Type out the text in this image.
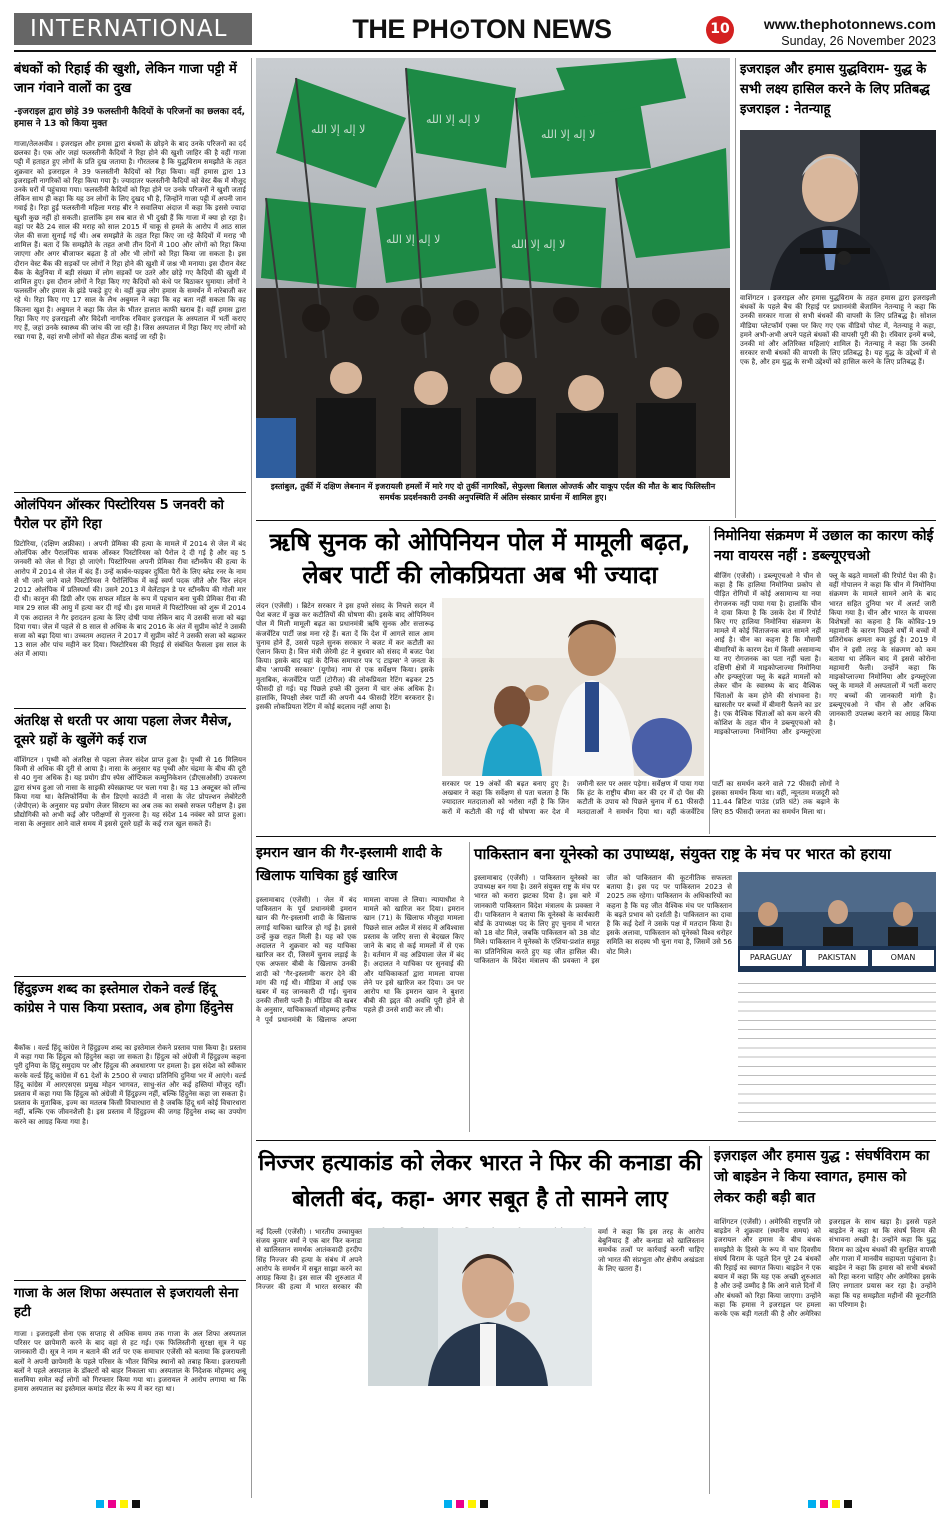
INTERNATIONAL	THE PH⊙TON NEWS	10	www.thephotonnews.com
Sunday, 26 November 2023
बंधकों को रिहाई की खुशी, लेकिन गाजा पट्टी में जान गंवाने वालों का दुख
-इजराइल द्वारा छोड़े 39 फलस्तीनी कैदियों के परिजनों का छलका दर्द, हमास ने 13 को किया मुक्त
गाजा/तेलअवीव । इजराइल और हमास द्वारा बंधकों के छोड़ने के बाद उनके परिजनों का दर्द छलका है। एक ओर जहां फलस्तीनी कैदियों ने रिहा होने की खुशी जाहिर की है वहीं गाजा पट्टी में हताहत हुए लोगों के प्रति दुख जताया है। गौरतलब है कि युद्धविराम समझौते के तहत शुक्रवार को इजराइल ने 39 फलस्तीनी कैदियों को रिहा किया। वहीं हमास द्वारा 13 इजराइली नागरिकों को रिहा किया गया है। ज्यादातर फलस्तीनी कैदियों को वेस्ट बैंक में मौजूद उनके घरों में पहुंचाया गया। फलस्तीनी कैदियों को रिहा होने पर उनके परिजनों ने खुशी जताई लेकिन साथ ही कहा कि यह उन लोगों के लिए दुखद भी है, जिन्होंने गाजा पट्टी में अपनी जान गवाई है। रिहा हुई फलस्तीनी महिला मराह बीर ने सवालिया अंदाज में कहा कि इससे ज्यादा खुशी कुछ नहीं हो सकती। हालांकि हम सब बात से भी दुखी हैं कि गाजा में क्या हो रहा है। वहां पर बैठे 24 साल की मराह को साल 2015 में चाकू से हमले के आरोप में आठ साल जेल की सजा सुनाई गई थी। अब समझौते के तहत रिहा किए जा रहे कैदियों में मराह भी शामिल हैं। बता दें कि समझौते के तहत अभी तीन दिनों में 100 और लोगों को रिहा किया जाएगा और अगर बीजाफर बढ़ता है तो और भी लोगों को रिहा किया जा सकता है। इस दौरान वेस्ट बैंक की सड़कों पर लोगों ने रिहा होने की खुशी में जश्न भी मनाया। इस दौरान वेस्ट बैंक के बेतुनिया में बड़ी संख्या में लोग सड़कों पर उतरे और छोड़े गए कैदियों की खुशी में शामिल हुए। इस दौरान लोगों ने रिहा किए गए कैदियों को कंधे पर बिठाकर घुमाया। लोगों ने फलस्तीन और हमास के झंडे पकड़े हुए थे। वहीं कुछ लोग हमास के समर्थन में नारेबाजी कर रहे थे। रिहा किए गए 17 साल के लैथ अबुमल ने कहा कि वह बता नहीं सकता कि वह कितना खुश है। अबुमल ने कहा कि जेल के भीतर हालात काफी खराब हैं। वहीं हमास द्वारा रिहा किए गए इजराइली और विदेशी नागरिक रविवार इजराइल के अस्पताल में भर्ती कराए गए हैं, जहां उनके स्वास्थ्य की जांच की जा रही है। जिस अस्पताल में रिहा किए गए लोगों को रखा गया है, वहां सभी लोगों को सेहत ठीक बताई जा रही है।
ओलंपियन ऑस्कर पिस्टोरियस 5 जनवरी को पैरोल पर होंगे रिहा
प्रिटोरिया, (दक्षिण अफ्रीका) । अपनी प्रेमिका की हत्या के मामले में 2014 से जेल में बंद ओलंपिक और पैरालंपिक धावक ऑस्कर पिस्टोरियस को पैरोल दे दी गई है और वह 5 जनवरी को जेल से रिहा हो जाएंगे। पिस्टोरियस अपनी प्रेमिका रीवा स्टीनकैंप की हत्या के आरोप में 2014 से जेल में बंद हैं। उन्हें कार्बन-फाइबर दुर्घिता पैरों के लिए ब्लेड रनर के नाम से भी जाने जाने वाले पिस्टोरियस ने पैरोलिंपिक में कई स्वर्ण पदक जीते और फिर लंदन 2012 ओलंपिक में प्रतिस्पर्धा की। उसने 2013 में वेलेंटाइन डे पर स्टीनकैंप की गोली मार दी थी। कानून की डिग्री और एक सफल मॉडल के रूप में पहचान बना चुकी प्रेमिका रीवा की मात्र 29 साल की आयु में हत्या कर दी गई थी। इस मामले में पिस्टोरियस को शुरू में 2014 में एक अदालत ने गैर इरादतन हत्या के लिए दोषी पाया लेकिन बाद में उसकी सजा को बढ़ा दिया गया। जेल में पहले से 8 साल से अधिक के बाद 2016 के अंत में सुप्रीम कोर्ट ने उसकी सजा को बढ़ा दिया था। उच्चतम अदालत ने 2017 में सुप्रीम कोर्ट ने उसकी सजा को बढ़ाकर 13 साल और पांच महीने कर दिया। पिस्टोरियस की रिहाई से संबंधित फैसला इस साल के अंत में आया।
अंतरिक्ष से धरती पर आया पहला लेजर मैसेज, दूसरे ग्रहों के खुलेंगे कई राज
वॉशिंगटन । पृथ्वी को अंतरिक्ष से पहला लेजर संदेश प्राप्त हुआ है। पृथ्वी से 16 मिलियन किमी से अधिक की दूरी से आया है। नासा के अनुसार यह पृथ्वी और चंद्रमा के बीच की दूरी से 40 गुना अधिक है। यह प्रयोग डीप स्पेस ऑप्टिकल कम्युनिकेशन (डीएसओसी) उपकरण द्वारा संभव हुआ जो नासा के साइकी स्पेसक्राफ्ट पर चला गया है। यह 13 अक्टूबर को लॉन्च किया गया था। केलिफोर्निया के सैन डिएगो काउंटी में नासा के जेट प्रोपल्शन लेबोरेटरी (जेपीएल) के अनुसार यह प्रयोग लेजर सिस्टम का अब तक का सबसे सफल परीक्षण है। इस प्रौद्योगिकी को अभी कई और परीक्षणों से गुजरना है। यह संदेश 14 नवंबर को प्राप्त हुआ। नासा के अनुसार आने वाले समय में इससे दूसरे ग्रहों के कई राज खुल सकते हैं।
हिंदुइज्म शब्द का इस्तेमाल रोकने वर्ल्ड हिंदू कांग्रेस ने पास किया प्रस्ताव, अब होगा हिंदुनेस
बैंकॉक । वर्ल्ड हिंदू कांग्रेस ने हिंदुइज्म शब्द का इस्तेमाल रोकने प्रस्ताव पास किया है। प्रस्ताव में कहा गया कि हिंदुत्व को हिंदुनेस कहा जा सकता है। हिंदुत्व को अंग्रेजी में हिंदुइज्म कहना पूरी दुनिया के हिंदू समुदाय पर और हिंदुत्व की अवधारणा पर हमला है। इस संदेश को स्वीकार करके वर्ल्ड हिंदू कांग्रेस में 61 देशों के 2500 से ज्यादा प्रतिनिधि दुनिया भर में आएंगे। वर्ल्ड हिंदू कांग्रेस में आरएसएस प्रमुख मोहन भागवत, साधु-संत और कई हस्तियां मौजूद रहीं। प्रस्ताव में कहा गया कि हिंदुत्व को अंग्रेजी में हिंदुइज्म नहीं, बल्कि हिंदुनेस कहा जा सकता है। प्रस्ताव के मुताबिक, इज्म का मतलब किसी विचारधारा से है जबकि हिंदू धर्म कोई विचारधारा नहीं, बल्कि एक जीवनशैली है। इस प्रस्ताव में हिंदुइज्म की जगह हिंदुनेस शब्द का उपयोग करने का आग्रह किया गया है।
गाजा के अल शिफा अस्पताल से इजरायली सेना हटी
गाजा । इजराइली सेना एक सप्ताह से अधिक समय तक गाजा के अल शिफा अस्पताल परिसर पर छापेमारी करने के बाद वहां से हट गई। एक फिलिस्तीनी सुरक्षा सूत्र ने यह जानकारी दी। सूत्र ने नाम न बताने की शर्त पर एक समाचार एजेंसी को बताया कि इजरायली बलों ने अपनी छापेमारी के पहले परिसर के भीतर विभिन्न स्थानों को तबाह किया। इजरायली बलों ने पहले अस्पताल के डॉक्टरों को बाहर निकाला था। अस्पताल के निदेशक मोहम्मद अबू सलमिया समेत कई लोगों को गिरफ्तार किया गया था। इजरायल ने आरोप लगाया था कि हमास अस्पताल का इस्तेमाल कमांड सेंटर के रूप में कर रहा था।
لا إله إلا الله
لا إله إلا الله
لا إله إلا الله
لا إله إلا الله	لا إله إلا الله
इस्तांबुल, तुर्की में दक्षिण लेबनान में इजरायली हमलों में मारे गए दो तुर्की नागरिकों, सेफुल्ला बिलाल ओज्तर्क और याकूप एर्दल की मौत के बाद फिलिस्तीन समर्थक प्रदर्शनकारी उनकी अनुपस्थिति में अंतिम संस्कार प्रार्थना में शामिल हुए।
इजराइल और हमास युद्धविराम- युद्ध के सभी लक्ष्य हासिल करने के लिए प्रतिबद्ध इजराइल : नेतन्याहू
वाशिंगटन । इजराइल और हमास युद्धविराम के तहत हमास द्वारा इजराइली बंधकों के पहले बैच की रिहाई पर प्रधानमंत्री बेंजामिन नेतन्याहू ने कहा कि उनकी सरकार गाजा से सभी बंधकों की वापसी के लिए प्रतिबद्ध है। सोशल मीडिया प्लेटफॉर्म एक्स पर किए गए एक वीडियो पोस्ट में, नेतन्याहू ने कहा, हमने अभी-अभी अपने पहले बंधकों की वापसी पूरी की है। रविवार इनमें बच्चे, उनकी मां और अतिरिक्त महिलाएं शामिल हैं। नेतन्याहू ने कहा कि उनकी सरकार सभी बंधकों की वापसी के लिए प्रतिबद्ध है। यह युद्ध के उद्देश्यों में से एक है, और हम युद्ध के सभी उद्देश्यों को हासिल करने के लिए प्रतिबद्ध हैं।
ऋषि सुनक को ओपिनियन पोल में मामूली बढ़त, लेबर पार्टी की लोकप्रियता अब भी ज्यादा
लंदन (एजेंसी) । ब्रिटेन सरकार ने इस हफ्ते संसद के निचले सदन में पेश बजट में कुछ कर कटौतियों की घोषणा की। इसके बाद ओपिनियन पोल में मिली मामूली बढ़त का प्रधानमंत्री ऋषि सुनक और सत्तारूढ़ कंजर्वेटिव पार्टी जश्न मना रहे हैं। बता दें कि देश में आगले साल आम चुनाव होने हैं, उससे पहले सुनक सरकार ने बजट में कर कटौती का ऐलान किया है। वित्त मंत्री जेरेमी हंट ने बुधवार को संसद में बजट पेश किया। इसके बाद यहां के दैनिक समाचार पत्र 'द टाइम्स' ने जनता के बीच 'आपकी सरकार' (यूगोव) नाम से एक सर्वेक्षण किया। इसके मुताबिक, कंजर्वेटिव पार्टी (टोरीज) की लोकप्रियता रेटिंग बढ़कर 25 फीसदी हो गई। यह पिछले हफ्ते की तुलना में चार अंक अधिक है। हालांकि, विपक्षी लेबर पार्टी की अपनी 44 फीसदी रेटिंग बरकरार है। इसकी लोकप्रियता रेटिंग में कोई बदलाव नहीं आया है।
सरकार पर 19 अंकों की बढ़त बनाए हुए है। अखबार ने कहा कि सर्वेक्षण से पता चलता है कि ज्यादातर मतदाताओं को भरोसा नहीं है कि जिन करों में कटौती की गई थी घोषणा कर देश में जमीनी स्तर पर असर पड़ेगा। सर्वेक्षण में पाया गया कि हंट के राष्ट्रीय बीमा कर की दर में दो पेंस की कटौती के उपाय को पिछले चुनाव में 61 फीसदी मतदाताओं ने समर्थन दिया था। वहीं कंजर्वेटिव पार्टी का समर्थन करने वाले 72 फीसदी लोगों ने इसका समर्थन किया था। वहीं, न्यूनतम मजदूरी को 11.44 ब्रिटिश पाउंड (प्रति घंटे) तक बढ़ाने के लिए 85 फीसदी जनता का समर्थन मिला था।
निमोनिया संक्रमण में उछाल का कारण कोई नया वायरस नहीं : डब्ल्यूएचओ
बीजिंग (एजेंसी) । डब्ल्यूएचओ ने चीन से कहा है कि हालिया निमोनिया प्रकोप से पीड़ित रोगियों में कोई असामान्य या नया रोगजनक नहीं पाया गया है। हालांकि चीन ने दावा किया है कि उसके देश में रिपोर्ट किए गए हालिया निमोनिया संक्रमण के मामले में कोई चिंताजनक बात सामने नहीं आई है। चीन का कहना है कि मौसमी बीमारियों के कारण देश में किसी असामान्य या नए रोगजनक का पता नहीं चला है। दक्षिणी क्षेत्रों में माइकोप्लाज्मा निमोनिया और इन्फ्लूएंजा फ्लू के बढ़ते मामलों को लेकर चीन के स्वास्थ्य के बाद वैश्विक चिंताओं के कम होने की संभावना है। खासतौर पर बच्चों में बीमारी फैलने का डर है। एक वैश्विक चिंताओं को कम करने की कोशिश के तहत चीन ने डब्ल्यूएचओ को माइकोप्लाज्मा निमोनिया और इन्फ्लूएंजा फ्लू के बढ़ते मामलों की रिपोर्ट पेश की है। वहीं गोपालन ने कहा कि चीन में निमोनिया संक्रमण के मामले सामने आने के बाद भारत सहित दुनिया भर में अलर्ट जारी किया गया है। चीन और भारत के वायरस विशेषज्ञों का कहना है कि कोविड-19 महामारी के कारण पिछले वर्षों में बच्चों में प्रतिरोधक क्षमता कम हुई है। 2019 में चीन ने इसी तरह के संक्रमण को कम बताया था लेकिन बाद में इससे कोरोना महामारी फैली। उन्होंने कहा कि माइकोप्लाज्मा निमोनिया और इन्फ्लूएंजा फ्लू के मामले में अस्पतालों में भर्ती कराए गए बच्चों की जानकारी मांगी है। डब्ल्यूएचओ ने चीन से और अधिक जानकारी उपलब्ध कराने का आग्रह किया है।
इमरान खान की गैर-इस्लामी शादी के खिलाफ याचिका हुई खारिज
इस्लामाबाद (एजेंसी) । जेल में बंद पाकिस्तान के पूर्व प्रधानमंत्री इमरान खान की गैर-इस्लामी शादी के खिलाफ लगाई याचिका खारिज हो गई है। इससे उन्हें कुछ राहत मिली है। यह को एक अदालत ने शुक्रवार को यह याचिका खारिज कर दी, जिसमें चुनाव लड़ाई के एक अफसर बीबी के खिलाफ उनकी शादी को 'गैर-इस्लामी' करार देने की मांग की गई थी। मीडिया में आई एक खबर में यह जानकारी दी गई। चुनाव उनकी तीसरी पत्नी हैं। मीडिया की खबर के अनुसार, याचिकाकर्ता मोहम्मद हनीफ ने पूर्व प्रधानमंत्री के खिलाफ अपना मामला वापस ले लिया। न्यायाधीश ने मामले को खारिज कर दिया। इमरान खान (71) के खिलाफ मौजूदा मामला पिछले साल अप्रैल में संसद में अविश्वास प्रस्ताव के जरिए सत्ता से बेदखल किए जाने के बाद से कई मामलों में से एक है। वर्तमान में वह अडियाला जेल में बंद हैं। अदालत ने याचिका पर सुनवाई की और याचिकाकर्ता द्वारा मामला वापस लेने पर इसे खारिज कर दिया। उन पर आरोप था कि इमरान खान ने बुशरा बीबी की इद्दत की अवधि पूरी होने से पहले ही उनसे शादी कर ली थी।
पाकिस्तान बना यूनेस्को का उपाध्यक्ष, संयुक्त राष्ट्र के मंच पर भारत को हराया
इस्लामाबाद (एजेंसी) । पाकिस्तान यूनेस्को का उपाध्यक्ष बन गया है। उसने संयुक्त राष्ट्र के मंच पर भारत को करारा झटका दिया है। इस बारे में जानकारी पाकिस्तान विदेश मंत्रालय के प्रवक्ता ने दी। पाकिस्तान ने बताया कि यूनेस्को के कार्यकारी बोर्ड के उपाध्यक्ष पद के लिए हुए चुनाव में भारत को 18 वोट मिले, जबकि पाकिस्तान को 38 वोट मिले। पाकिस्तान ने यूनेस्को के एशिया-प्रशांत समूह का प्रतिनिधित्व करते हुए यह जीत हासिल की। पाकिस्तान के विदेश मंत्रालय की प्रवक्ता ने इस जीत को पाकिस्तान की कूटनीतिक सफलता बताया है। इस पद पर पाकिस्तान 2023 से 2025 तक रहेगा। पाकिस्तान के अधिकारियों का कहना है कि यह जीत वैश्विक मंच पर पाकिस्तान के बढ़ते प्रभाव को दर्शाती है। पाकिस्तान का दावा है कि कई देशों ने उसके पक्ष में मतदान किया है। इसके अलावा, पाकिस्तान को यूनेस्को विश्व धरोहर समिति का सदस्य भी चुना गया है, जिसमें उसे 56 वोट मिले।
PARAGUAY	PAKISTAN	OMAN
निज्जर हत्याकांड को लेकर भारत ने फिर की कनाडा की बोलती बंद, कहा- अगर सबूत है तो सामने लाए
नई दिल्ली (एजेंसी) । भारतीय उच्चायुक्त संजय कुमार वर्मा ने एक बार फिर कनाडा से खालिस्तान समर्थक आतंकवादी हरदीप सिंह निज्जर की हत्या के संबंध में अपने आरोप के समर्थन में सबूत साझा करने का आग्रह किया है। इस साल की शुरुआत में निज्जर की हत्या में भारत सरकार की वर्मा ने कहा कि इस तरह के आरोप बेबुनियाद हैं और कनाडा को खालिस्तान समर्थक तत्वों पर कार्रवाई करनी चाहिए जो भारत की संप्रभुता और क्षेत्रीय अखंडता के लिए खतरा हैं।
इज़राइल और हमास युद्ध : संघर्षविराम का जो बाइडेन ने किया स्वागत, हमास को लेकर कही बड़ी बात
वाशिंगटन (एजेंसी) । अमेरिकी राष्ट्रपति जो बाइडेन ने शुक्रवार (स्थानीय समय) को इजरायल और हमास के बीच बंधक समझौते के हिस्से के रूप में चार दिवसीय संघर्ष विराम के पहले दिन पूरे 24 बंधकों की रिहाई का स्वागत किया। बाइडेन ने एक बयान में कहा कि यह एक अच्छी शुरुआत है और उन्हें उम्मीद है कि आने वाले दिनों में और बंधकों को रिहा किया जाएगा। उन्होंने कहा कि हमास ने इजराइल पर हमला करके एक बड़ी गलती की है और अमेरिका इजराइल के साथ खड़ा है। इससे पहले बाइडेन ने कहा था कि संघर्ष विराम की संभावना अच्छी है। उन्होंने कहा कि युद्ध विराम का उद्देश्य बंधकों की सुरक्षित वापसी और गाजा में मानवीय सहायता पहुंचाना है। बाइडेन ने कहा कि हमास को सभी बंधकों को रिहा करना चाहिए और अमेरिका इसके लिए लगातार प्रयास कर रहा है। उन्होंने कहा कि यह समझौता महीनों की कूटनीति का परिणाम है।
